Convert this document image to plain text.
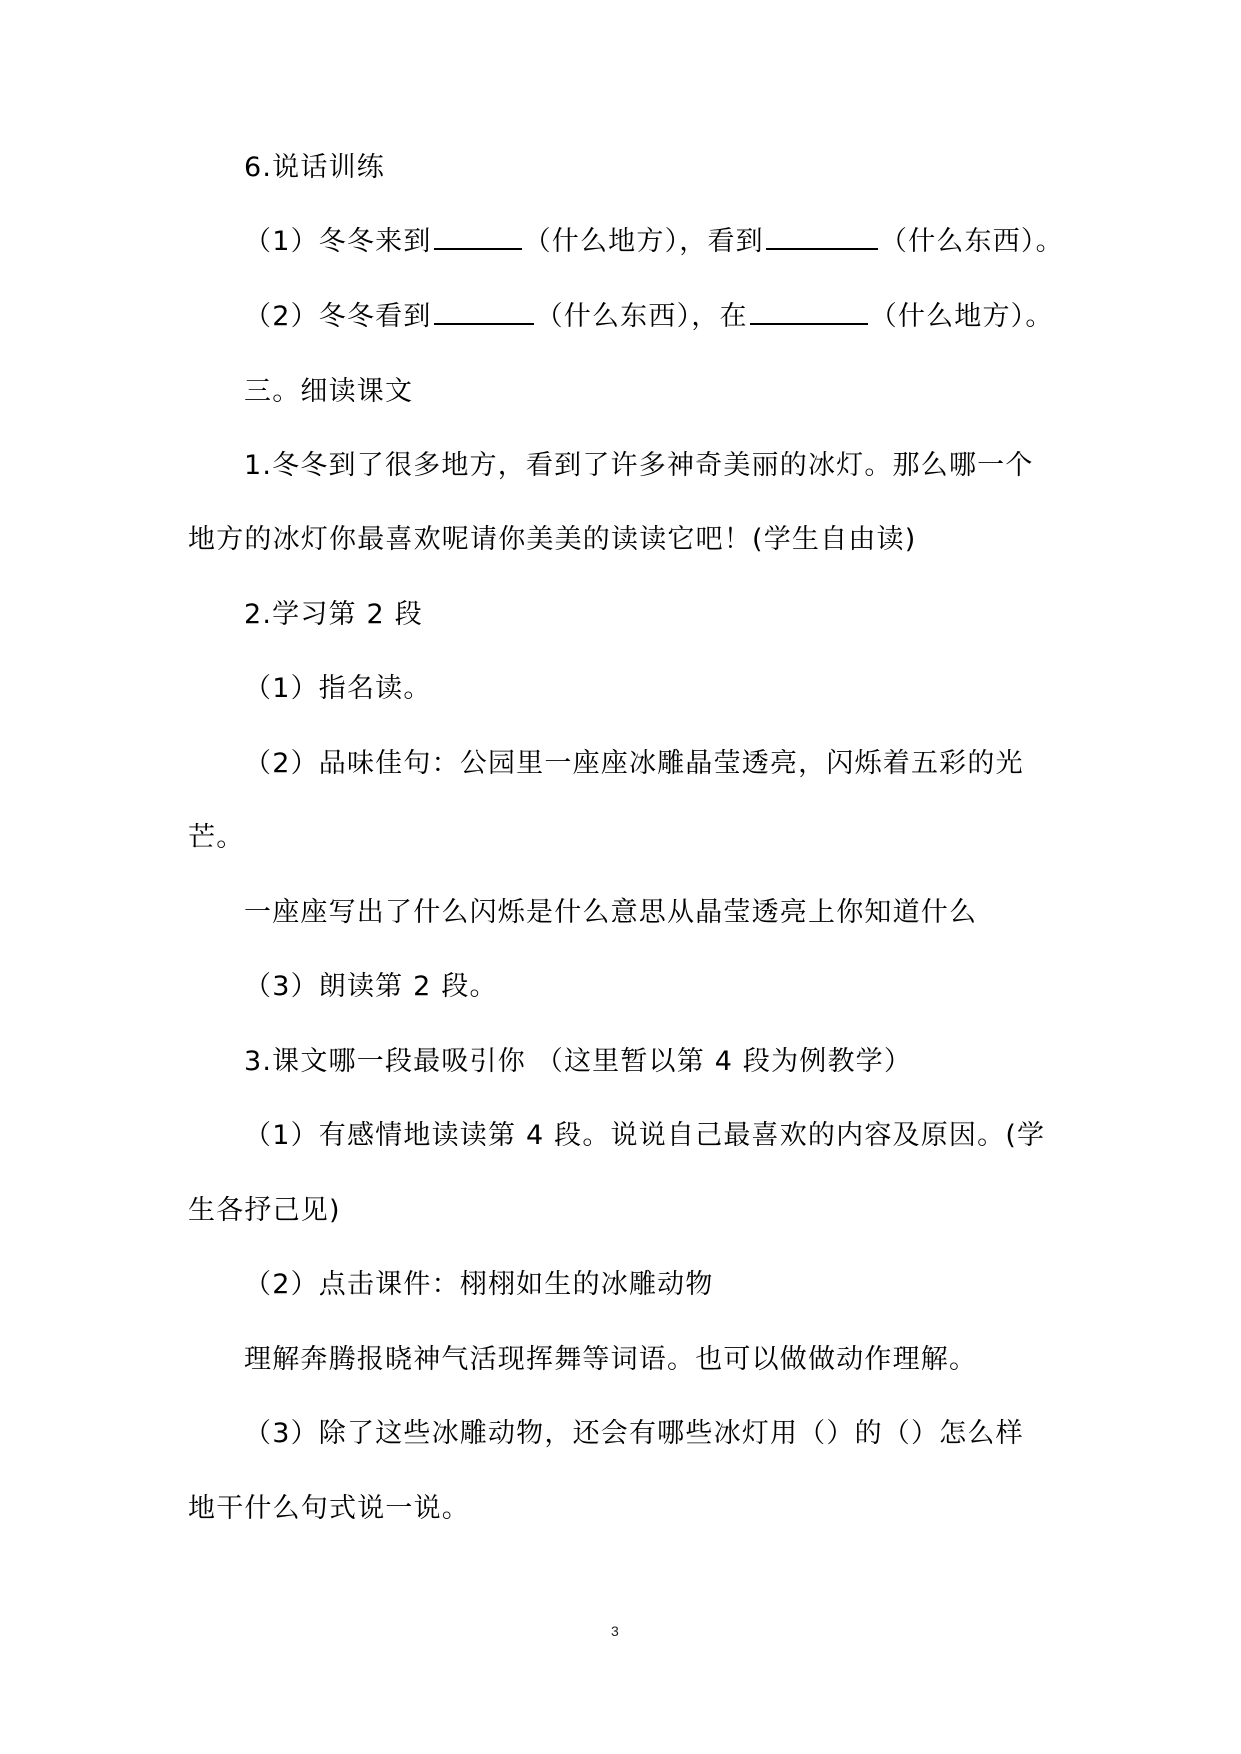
6.说话训练
（1）冬冬来到	（什么地方），看到	（什么东西）。
（2）冬冬看到	（什么东西），在	（什么地方）。
三。细读课文
1.冬冬到了很多地方，看到了许多神奇美丽的冰灯。那么哪一个
地方的冰灯你最喜欢呢请你美美的读读它吧！(学生自由读)
2.学习第 2 段
（1）指名读。
（2）品味佳句：公园里一座座冰雕晶莹透亮，闪烁着五彩的光
芒。
一座座写出了什么闪烁是什么意思从晶莹透亮上你知道什么
（3）朗读第 2 段。
3.课文哪一段最吸引你 （这里暂以第 4 段为例教学）
（1）有感情地读读第 4 段。说说自己最喜欢的内容及原因。(学
生各抒己见)
（2）点击课件：栩栩如生的冰雕动物
理解奔腾报晓神气活现挥舞等词语。也可以做做动作理解。
（3）除了这些冰雕动物，还会有哪些冰灯用（）的（）怎么样
地干什么句式说一说。
3
